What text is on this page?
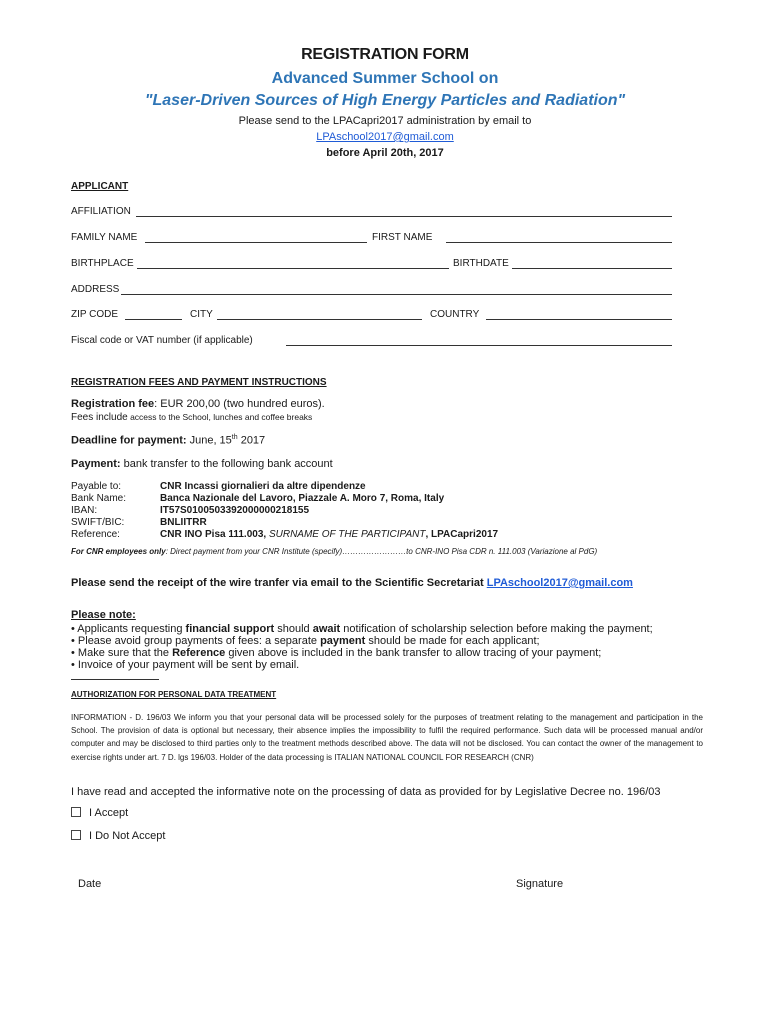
REGISTRATION FORM
Advanced Summer School on
"Laser-Driven Sources of High Energy Particles and Radiation"
Please send to the LPACapri2017 administration by email to
LPAschool2017@gmail.com
before April 20th, 2017
APPLICANT
AFFILIATION
FAMILY NAME	FIRST NAME
BIRTHPLACE	BIRTHDATE
ADDRESS
ZIP CODE	CITY	COUNTRY
Fiscal code or VAT number (if applicable)
REGISTRATION FEES AND PAYMENT INSTRUCTIONS
Registration fee: EUR 200,00 (two hundred euros).
Fees include access to the School, lunches and coffee breaks
Deadline for payment: June, 15th 2017
Payment: bank transfer to the following bank account
Payable to:	CNR Incassi giornalieri da altre dipendenze
Bank Name:	Banca Nazionale del Lavoro, Piazzale A. Moro 7, Roma, Italy
IBAN:	IT57S0100503392000000218155
SWIFT/BIC:	BNLIITRR
Reference:	CNR INO Pisa 111.003, SURNAME OF THE PARTICIPANT, LPACapri2017
For CNR employees only: Direct payment from your CNR Institute (specify)……………………to CNR-INO Pisa CDR n. 111.003 (Variazione al PdG)
Please send the receipt of the wire tranfer via email to the Scientific Secretariat LPAschool2017@gmail.com
Please note:
• Applicants requesting financial support should await notification of scholarship selection before making the payment;
• Please avoid group payments of fees: a separate payment should be made for each applicant;
• Make sure that the Reference given above is included in the bank transfer to allow tracing of your payment;
• Invoice of your payment will be sent by email.
AUTHORIZATION FOR PERSONAL DATA TREATMENT
INFORMATION - D. 196/03 We inform you that your personal data will be processed solely for the purposes of treatment relating to the management and participation in the School. The provision of data is optional but necessary, their absence implies the impossibility to fulfil the required performance. Such data will be processed manual and/or computer and may be disclosed to third parties only to the treatment methods described above. The data will not be disclosed. You can contact the owner of the management to exercise rights under art. 7 D. lgs 196/03. Holder of the data processing is ITALIAN NATIONAL COUNCIL FOR RESEARCH (CNR)
I have read and accepted the informative note on the processing of data as provided for by Legislative Decree no. 196/03
I Accept
I Do Not Accept
Date	Signature
